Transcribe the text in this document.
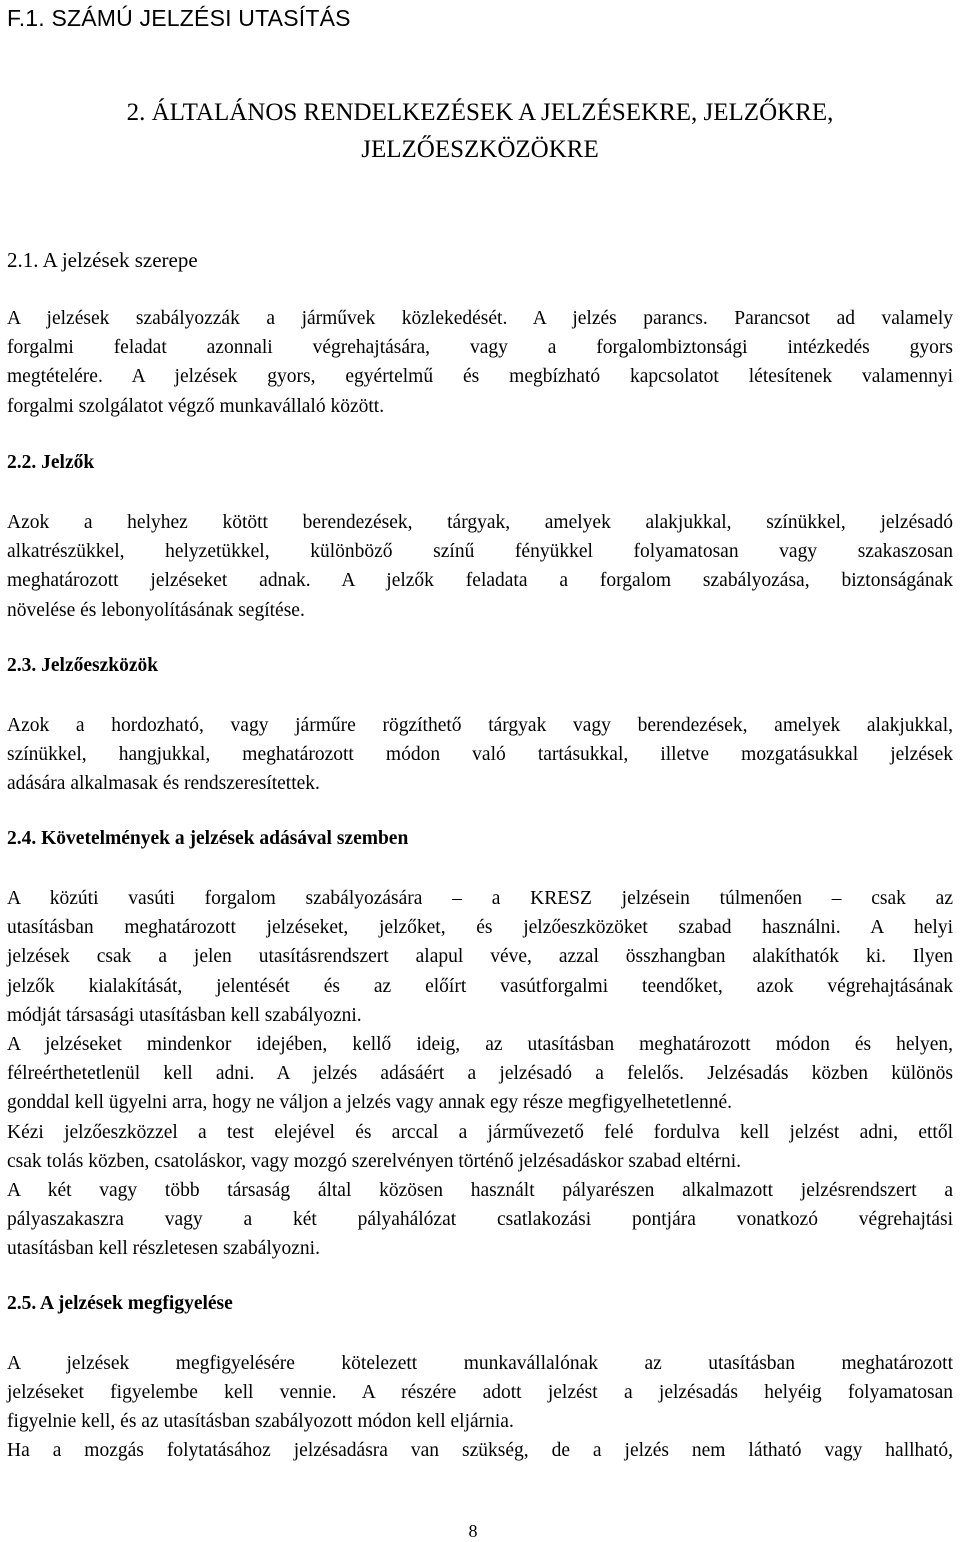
F.1. SZÁMÚ JELZÉSI UTASÍTÁS
2. ÁLTALÁNOS RENDELKEZÉSEK A JELZÉSEKRE, JELZŐKRE,
JELZŐESZKÖZÖKRE
2.1. A jelzések szerepe

A jelzések szabályozzák a járművek közlekedését. A jelzés parancs. Parancsot ad valamely
forgalmi feladat azonnali végrehajtására, vagy a forgalombiztonsági intézkedés gyors
megtételére. A jelzések gyors, egyértelmű és megbízható kapcsolatot létesítenek valamennyi
forgalmi szolgálatot végző munkavállaló között.

2.2. Jelzők

Azok a helyhez kötött berendezések, tárgyak, amelyek alakjukkal, színükkel, jelzésadó
alkatrészükkel, helyzetükkel, különböző színű fényükkel folyamatosan vagy szakaszosan
meghatározott jelzéseket adnak. A jelzők feladata a forgalom szabályozása, biztonságának
növelése és lebonyolításának segítése.

2.3. Jelzőeszközök

Azok a hordozható, vagy járműre rögzíthető tárgyak vagy berendezések, amelyek alakjukkal,
színükkel, hangjukkal, meghatározott módon való tartásukkal, illetve mozgatásukkal jelzések
adására alkalmasak és rendszeresítettek.

2.4. Követelmények a jelzések adásával szemben

A közúti vasúti forgalom szabályozására – a KRESZ jelzésein túlmenően – csak az
utasításban meghatározott jelzéseket, jelzőket, és jelzőeszközöket szabad használni. A helyi
jelzések csak a jelen utasításrendszert alapul véve, azzal összhangban alakíthatók ki. Ilyen
jelzők kialakítását, jelentését és az előírt vasútforgalmi teendőket, azok végrehajtásának
módját társasági utasításban kell szabályozni.

A jelzéseket mindenkor idejében, kellő ideig, az utasításban meghatározott módon és helyen,
félreérthetetlenül kell adni. A jelzés adásáért a jelzésadó a felelős. Jelzésadás közben különös
gonddal kell ügyelni arra, hogy ne váljon a jelzés vagy annak egy része megfigyelhetetlenné.

Kézi jelzőeszközzel a test elejével és arccal a járművezető felé fordulva kell jelzést adni, ettől
csak tolás közben, csatoláskor, vagy mozgó szerelvényen történő jelzésadáskor szabad eltérni.

A két vagy több társaság által közösen használt pályarészen alkalmazott jelzésrendszert a
pályaszakaszra vagy a két pályahálózat csatlakozási pontjára vonatkozó végrehajtási
utasításban kell részletesen szabályozni.

2.5. A jelzések megfigyelése

A jelzések megfigyelésére kötelezett munkavállalónak az utasításban meghatározott
jelzéseket figyelembe kell vennie. A részére adott jelzést a jelzésadás helyéig folyamatosan
figyelnie kell, és az utasításban szabályozott módon kell eljárnia.

Ha a mozgás folytatásához jelzésadásra van szükség, de a jelzés nem látható vagy hallható,

8
